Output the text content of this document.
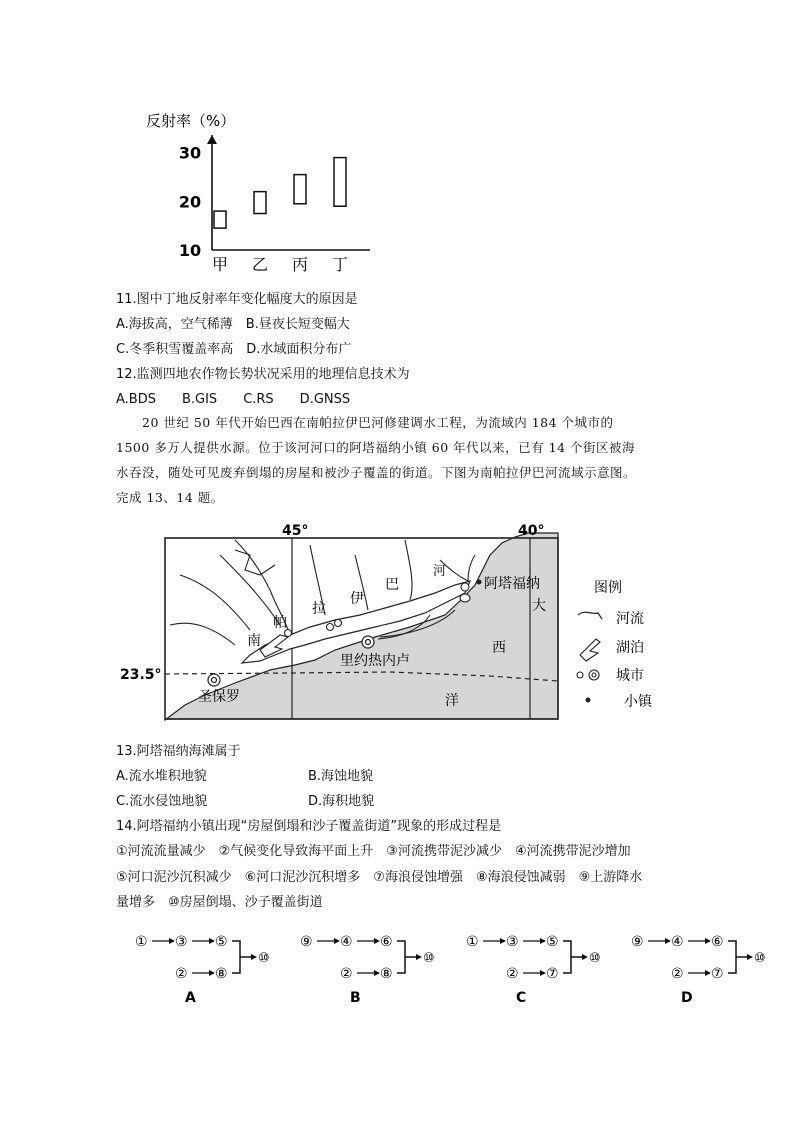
反射率（%）
10
20
30
甲 乙 丙 丁
11.图中丁地反射率年变化幅度大的原因是
A.海拔高，空气稀薄　B.昼夜长短变幅大
C.冬季积雪覆盖率高　D.水域面积分布广
12.监测四地农作物长势状况采用的地理信息技术为
A.BDS　　B.GIS　　C.RS　　D.GNSS
　　20 世纪 50 年代开始巴西在南帕拉伊巴河修建调水工程，为流域内 184 个城市的
1500 多万人提供水源。位于该河河口的阿塔福纳小镇 60 年代以来，已有 14 个街区被海
水吞没，随处可见废弃倒塌的房屋和被沙子覆盖的街道。下图为南帕拉伊巴河流域示意图。
完成 13、14 题。
45°	40°
23.5°
南
帕
拉
伊
巴
河
阿塔福纳
里约热内卢
圣保罗
大
西
洋
图例
河流
湖泊
城市
小镇
13.阿塔福纳海滩属于
A.流水堆积地貌	B.海蚀地貌
C.流水侵蚀地貌	D.海积地貌
14.阿塔福纳小镇出现“房屋倒塌和沙子覆盖街道”现象的形成过程是
①河流流量减少　②气候变化导致海平面上升　③河流携带泥沙减少　④河流携带泥沙增加
⑤河口泥沙沉积减少　⑥河口泥沙沉积增多　⑦海浪侵蚀增强　⑧海浪侵蚀减弱　⑨上游降水
量增多　⑩房屋倒塌、沙子覆盖街道
① ③ ⑤
② ⑧
⑩
A
⑨ ④ ⑥
② ⑧
⑩
B
① ③ ⑤
② ⑦
⑩
C
⑨ ④ ⑥
② ⑦
⑩
D
